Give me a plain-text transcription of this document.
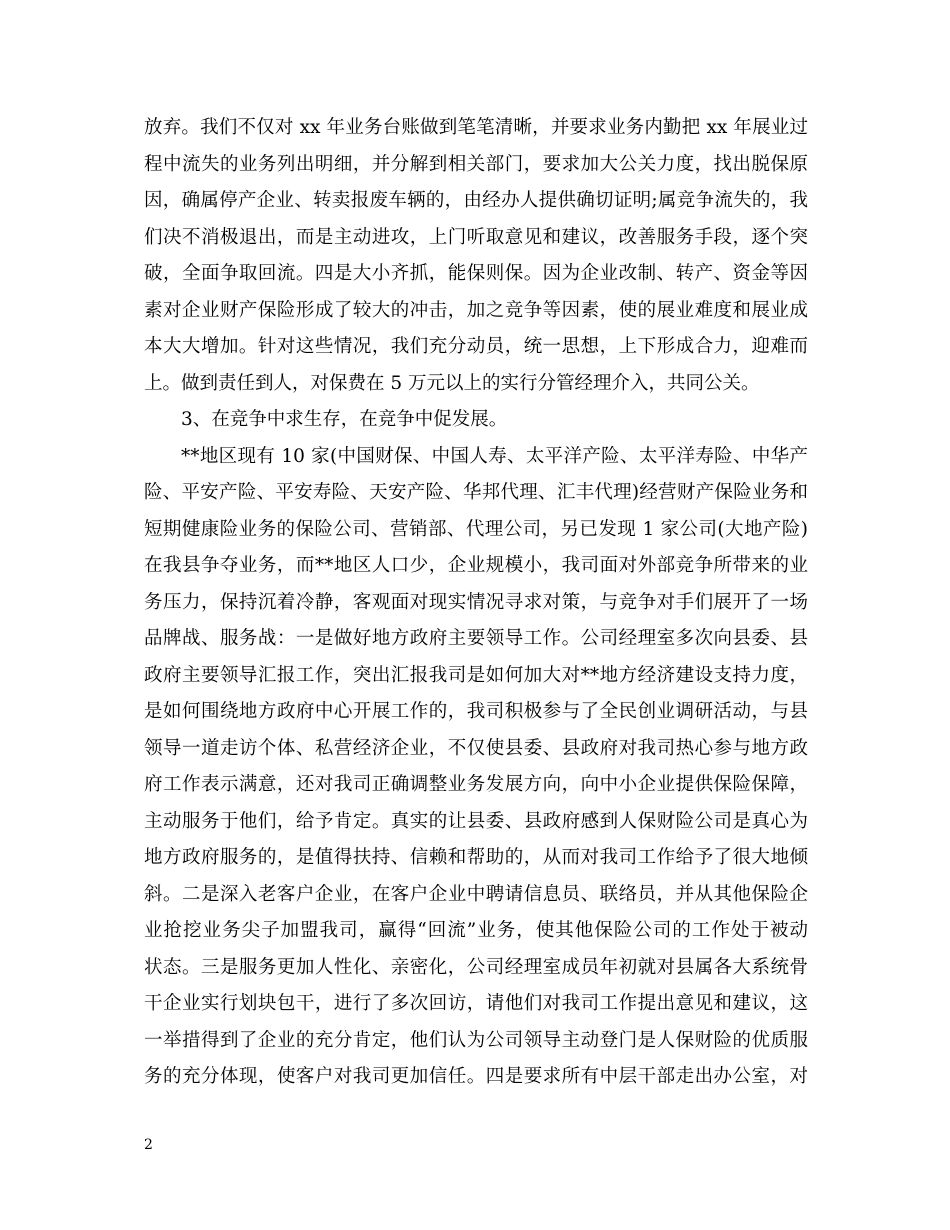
放弃。我们不仅对 xx 年业务台账做到笔笔清晰，并要求业务内勤把 xx 年展业过
程中流失的业务列出明细，并分解到相关部门，要求加大公关力度，找出脱保原
因，确属停产企业、转卖报废车辆的，由经办人提供确切证明;属竞争流失的，我
们决不消极退出，而是主动进攻，上门听取意见和建议，改善服务手段，逐个突
破，全面争取回流。四是大小齐抓，能保则保。因为企业改制、转产、资金等因
素对企业财产保险形成了较大的冲击，加之竞争等因素，使的展业难度和展业成
本大大增加。针对这些情况，我们充分动员，统一思想，上下形成合力，迎难而
上。做到责任到人，对保费在 5 万元以上的实行分管经理介入，共同公关。
3、在竞争中求生存，在竞争中促发展。
**地区现有 10 家(中国财保、中国人寿、太平洋产险、太平洋寿险、中华产
险、平安产险、平安寿险、天安产险、华邦代理、汇丰代理)经营财产保险业务和
短期健康险业务的保险公司、营销部、代理公司，另已发现 1 家公司(大地产险)
在我县争夺业务，而**地区人口少，企业规模小，我司面对外部竞争所带来的业
务压力，保持沉着冷静，客观面对现实情况寻求对策，与竞争对手们展开了一场
品牌战、服务战：一是做好地方政府主要领导工作。公司经理室多次向县委、县
政府主要领导汇报工作，突出汇报我司是如何加大对**地方经济建设支持力度，
是如何围绕地方政府中心开展工作的，我司积极参与了全民创业调研活动，与县
领导一道走访个体、私营经济企业，不仅使县委、县政府对我司热心参与地方政
府工作表示满意，还对我司正确调整业务发展方向，向中小企业提供保险保障，
主动服务于他们，给予肯定。真实的让县委、县政府感到人保财险公司是真心为
地方政府服务的，是值得扶持、信赖和帮助的，从而对我司工作给予了很大地倾
斜。二是深入老客户企业，在客户企业中聘请信息员、联络员，并从其他保险企
业抢挖业务尖子加盟我司，赢得“回流”业务，使其他保险公司的工作处于被动
状态。三是服务更加人性化、亲密化，公司经理室成员年初就对县属各大系统骨
干企业实行划块包干，进行了多次回访，请他们对我司工作提出意见和建议，这
一举措得到了企业的充分肯定，他们认为公司领导主动登门是人保财险的优质服
务的充分体现，使客户对我司更加信任。四是要求所有中层干部走出办公室，对
2
